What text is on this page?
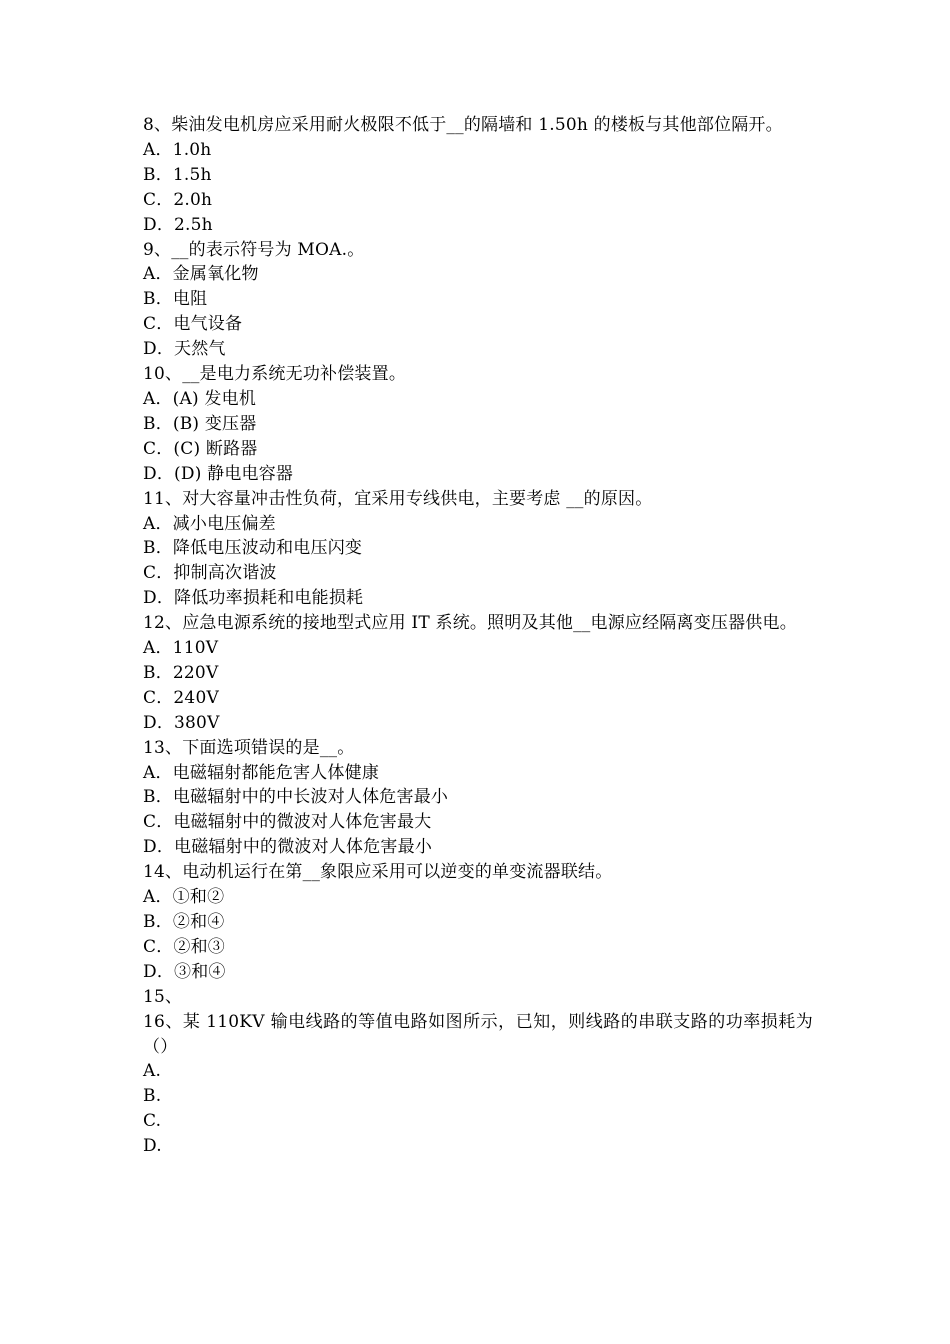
8、柴油发电机房应采用耐火极限不低于__的隔墙和 1.50h 的楼板与其他部位隔开。
A．1.0h
B．1.5h
C．2.0h
D．2.5h
9、__的表示符号为 MOA.。
A．金属氧化物
B．电阻
C．电气设备
D．天然气
10、__是电力系统无功补偿装置。
A．(A) 发电机
B．(B) 变压器
C．(C) 断路器
D．(D) 静电电容器
11、对大容量冲击性负荷，宜采用专线供电，主要考虑 __的原因。
A．减小电压偏差
B．降低电压波动和电压闪变
C．抑制高次谐波
D．降低功率损耗和电能损耗
12、应急电源系统的接地型式应用 IT 系统。照明及其他__电源应经隔离变压器供电。
A．110V
B．220V
C．240V
D．380V
13、下面选项错误的是__。
A．电磁辐射都能危害人体健康
B．电磁辐射中的中长波对人体危害最小
C．电磁辐射中的微波对人体危害最大
D．电磁辐射中的微波对人体危害最小
14、电动机运行在第__象限应采用可以逆变的单变流器联结。
A．①和②
B．②和④
C．②和③
D．③和④
15、
16、某 110KV 输电线路的等值电路如图所示，已知，则线路的串联支路的功率损耗为（）
A.
B.
C.
D.
